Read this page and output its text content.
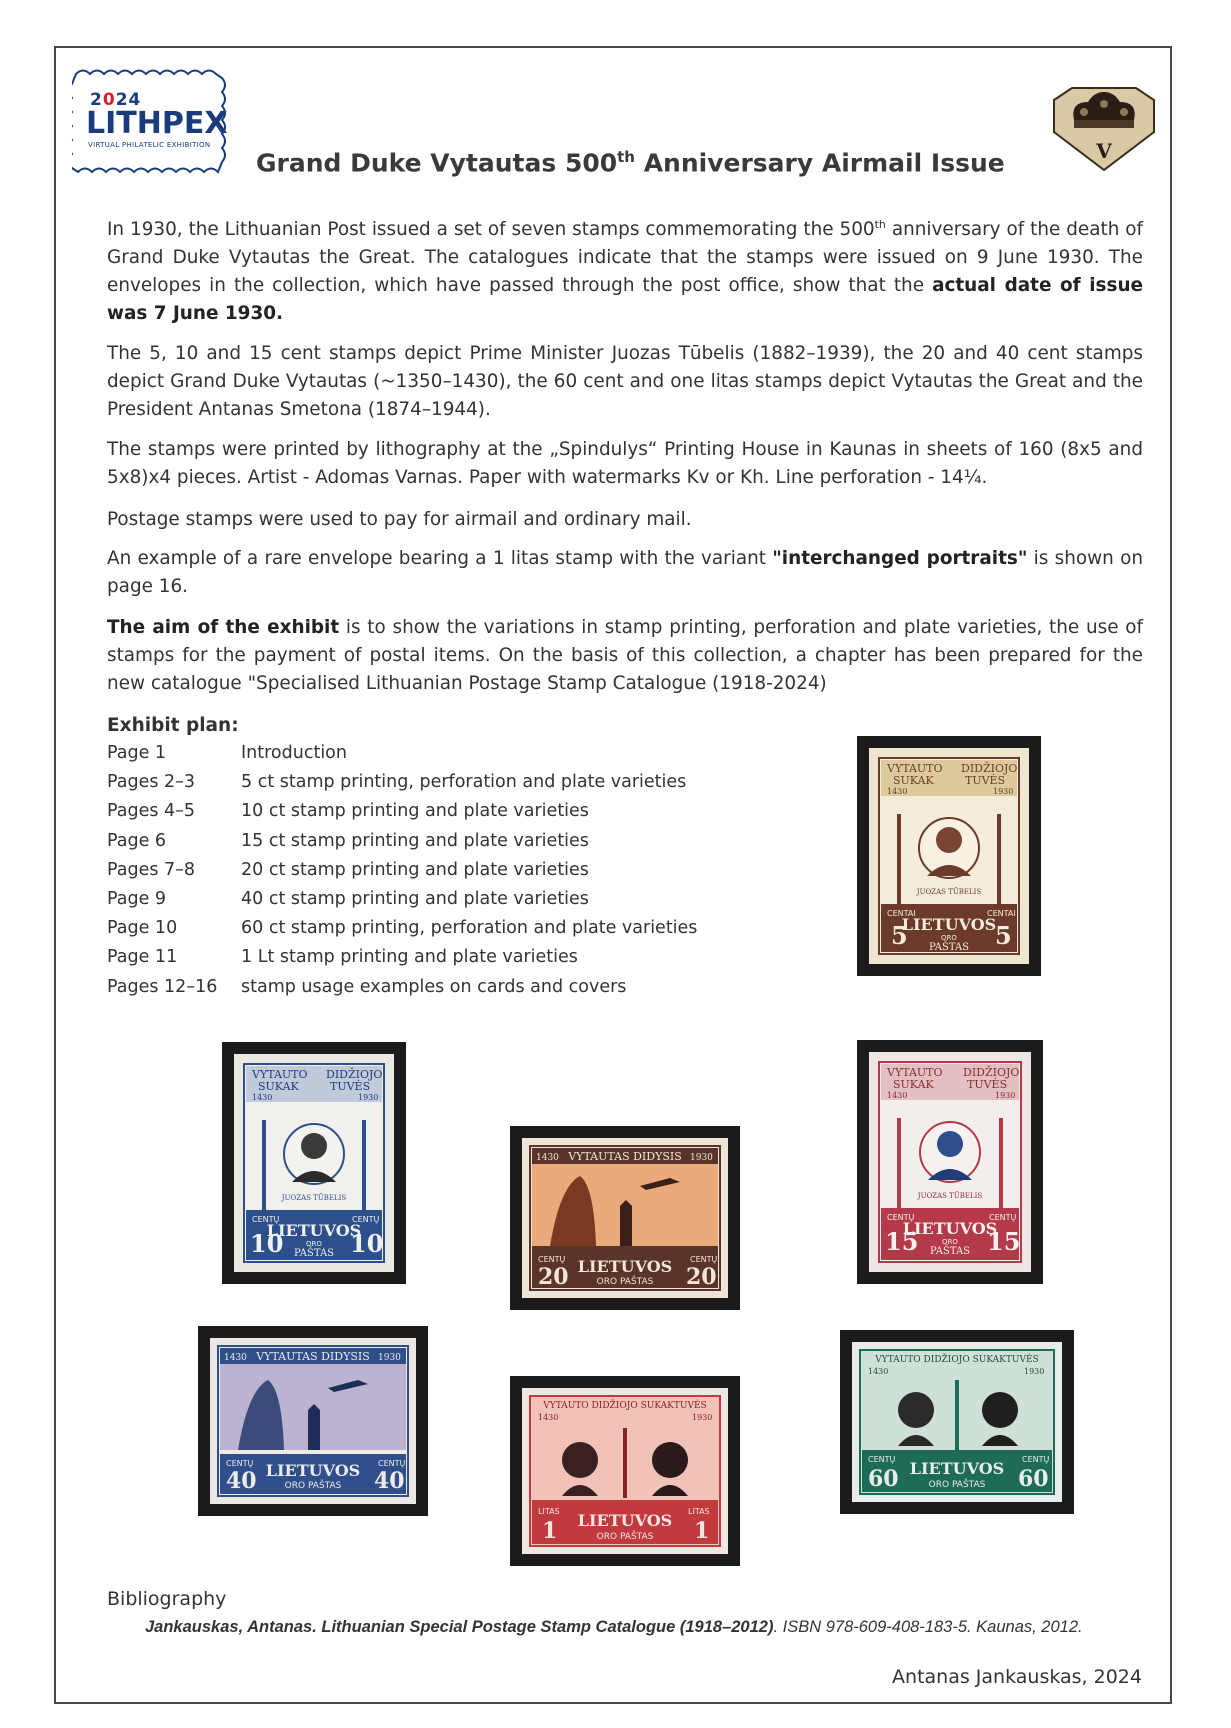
2024
LITHPEX
VIRTUAL PHILATELIC EXHIBITION	V
Grand Duke Vytautas 500th Anniversary Airmail Issue
In 1930, the Lithuanian Post issued a set of seven stamps commemorating the 500th anniversary of the death of Grand Duke Vytautas the Great. The catalogues indicate that the stamps were issued on 9 June 1930. The envelopes in the collection, which have passed through the post office, show that the actual date of issue was 7 June 1930.
The 5, 10 and 15 cent stamps depict Prime Minister Juozas Tūbelis (1882–1939), the 20 and 40 cent stamps depict Grand Duke Vytautas (~1350–1430), the 60 cent and one litas stamps depict Vytautas the Great and the President Antanas Smetona (1874–1944).
The stamps were printed by lithography at the „Spindulys“ Printing House in Kaunas in sheets of 160 (8x5 and 5x8)x4 pieces. Artist - Adomas Varnas. Paper with watermarks Kv or Kh. Line perforation - 14¼.
Postage stamps were used to pay for airmail and ordinary mail.
An example of a rare envelope bearing a 1 litas stamp with the variant "interchanged portraits" is shown on page 16.
The aim of the exhibit is to show the variations in stamp printing, perforation and plate varieties, the use of stamps for the payment of postal items. On the basis of this collection, a chapter has been prepared for the new catalogue "Specialised Lithuanian Postage Stamp Catalogue (1918-2024)
Exhibit plan:
Page 1	Introduction
Pages 2–3	5 ct stamp printing, perforation and plate varieties
Pages 4–5	10 ct stamp printing and plate varieties
Page 6	15 ct stamp printing and plate varieties
Pages 7–8	20 ct stamp printing and plate varieties
Page 9	40 ct stamp printing and plate varieties
Page 10	60 ct stamp printing, perforation and plate varieties
Page 11	1 Lt stamp printing and plate varieties
Pages 12–16 stamp usage examples on cards and covers
VYTAUTO DIDŽIOJO
SUKAK	TUVĖS
1430	1930
JUOZAS TŪBELIS
CENTAI	CENTAI
5	5
LIETUVOS
ORO
PAŠTAS
VYTAUTO DIDŽIOJO
SUKAK	TUVĖS
1430	1930
JUOZAS TŪBELIS
CENTŲ	CENTŲ
10	10
LIETUVOS
ORO
PAŠTAS
VYTAUTO DIDŽIOJO
SUKAK	TUVĖS
1430	1930
JUOZAS TŪBELIS
CENTŲ	CENTŲ
15	15
LIETUVOS
ORO
PAŠTAS
1430 VYTAUTAS DIDYSIS 1930
CENTŲ	CENTŲ
20	20
LIETUVOS
ORO PAŠTAS
1430 VYTAUTAS DIDYSIS 1930
CENTŲ	CENTŲ
40	40
LIETUVOS
ORO PAŠTAS
VYTAUTO DIDŽIOJO SUKAKTUVĖS
1430	1930
LITAS	LITAS
1	1
LIETUVOS
ORO PAŠTAS
VYTAUTO DIDŽIOJO SUKAKTUVĖS
1430	1930
CENTŲ	CENTŲ
60	60
LIETUVOS
ORO PAŠTAS
Bibliography
Jankauskas, Antanas. Lithuanian Special Postage Stamp Catalogue (1918–2012). ISBN 978-609-408-183-5. Kaunas, 2012.
Antanas Jankauskas, 2024
